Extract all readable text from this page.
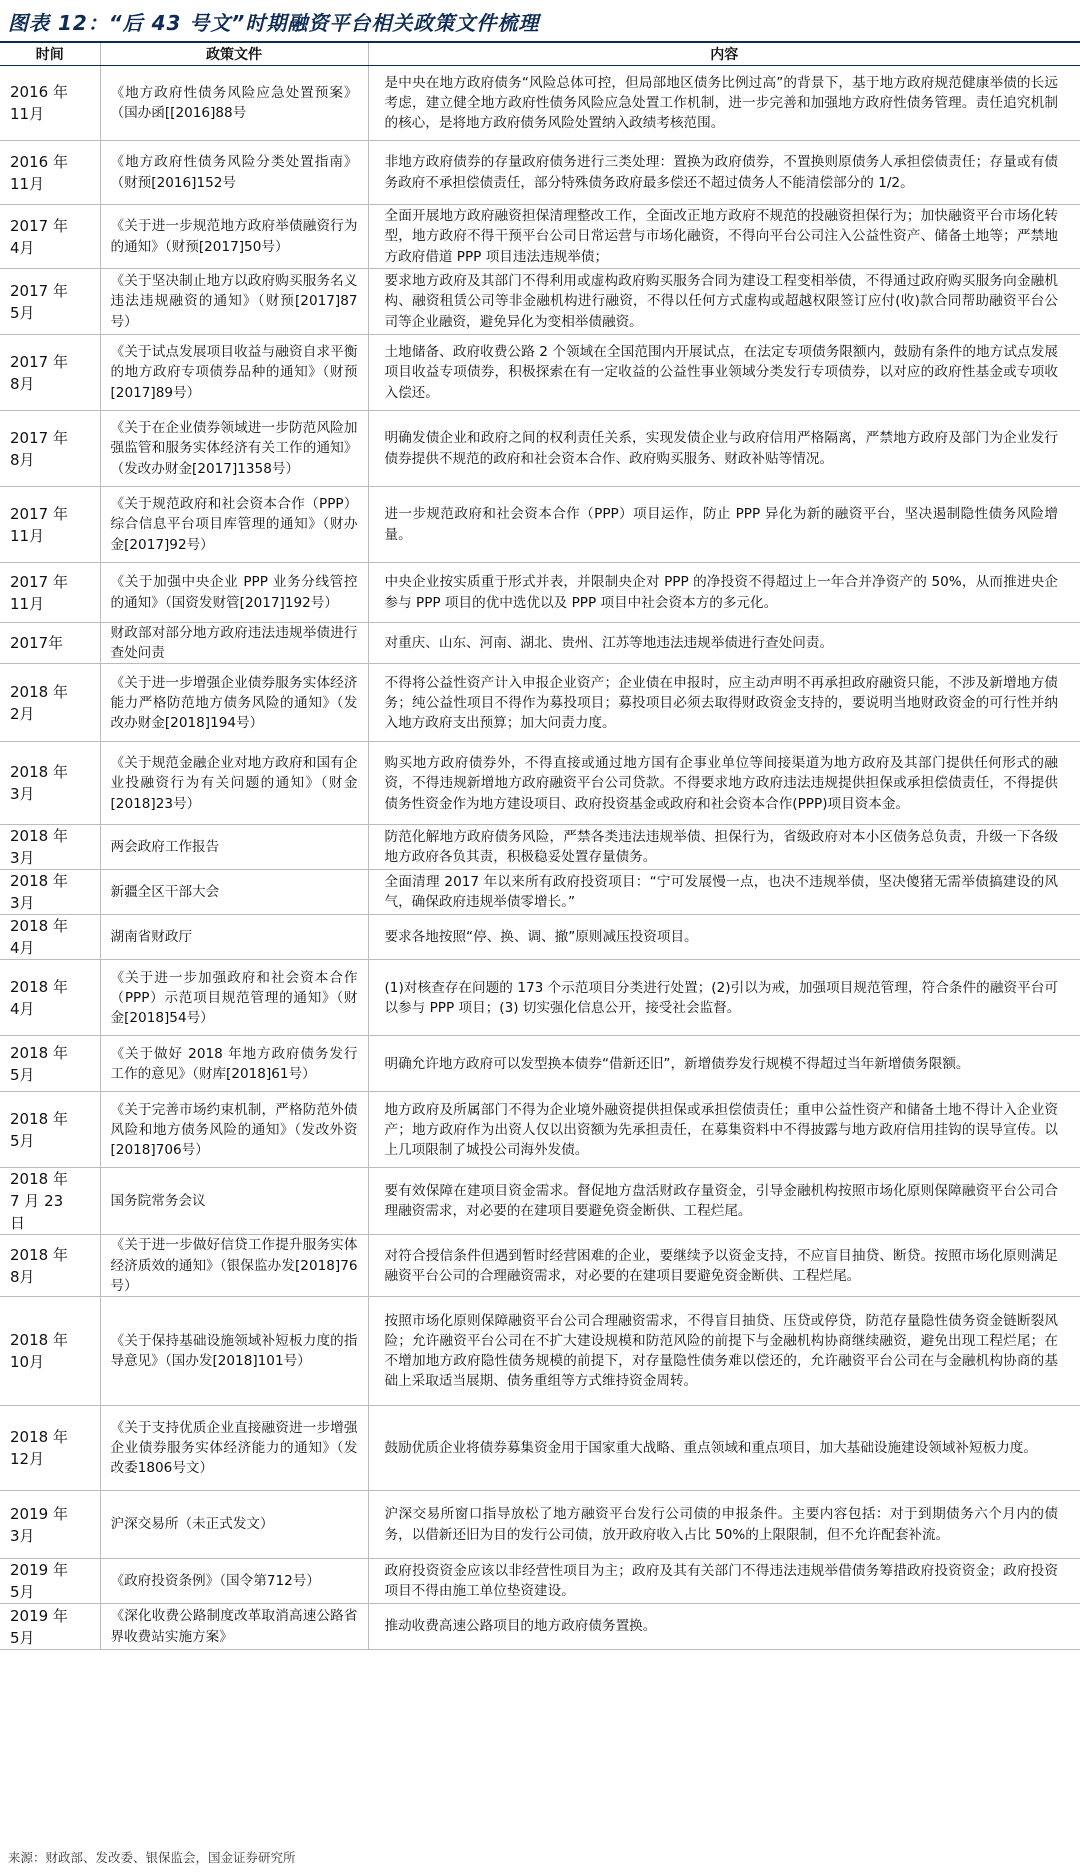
图表 12：“后 43 号文”时期融资平台相关政策文件梳理
时间	政策文件	内容
2016 年
11月	《地方政府性债务风险应急处置预案》（国办函[[2016]88号	是中央在地方政府债务“风险总体可控，但局部地区债务比例过高”的背景下，基于地方政府规范健康举债的长远考虑，建立健全地方政府性债务风险应急处置工作机制，进一步完善和加强地方政府性债务管理。责任追究机制的核心，是将地方政府债务风险处置纳入政绩考核范围。
2016 年
11月	《地方政府性债务风险分类处置指南》（财预[2016]152号	非地方政府债券的存量政府债务进行三类处理：置换为政府债券，不置换则原债务人承担偿债责任；存量或有债务政府不承担偿债责任，部分特殊债务政府最多偿还不超过债务人不能清偿部分的 1/2。
2017 年
4月	《关于进一步规范地方政府举债融资行为的通知》（财预[2017]50号）	全面开展地方政府融资担保清理整改工作，全面改正地方政府不规范的投融资担保行为；加快融资平台市场化转型，地方政府不得干预平台公司日常运营与市场化融资，不得向平台公司注入公益性资产、储备土地等；严禁地方政府借道 PPP 项目违法违规举债；
2017 年
5月	《关于坚决制止地方以政府购买服务名义违法违规融资的通知》（财预[2017]87号）	要求地方政府及其部门不得利用或虚构政府购买服务合同为建设工程变相举债，不得通过政府购买服务向金融机构、融资租赁公司等非金融机构进行融资，不得以任何方式虚构或超越权限签订应付(收)款合同帮助融资平台公司等企业融资，避免异化为变相举债融资。
2017 年
8月	《关于试点发展项目收益与融资自求平衡的地方政府专项债券品种的通知》（财预[2017]89号）	土地储备、政府收费公路 2 个领域在全国范围内开展试点，在法定专项债务限额内，鼓励有条件的地方试点发展项目收益专项债券，积极探索在有一定收益的公益性事业领域分类发行专项债券，以对应的政府性基金或专项收入偿还。
2017 年
8月	《关于在企业债券领域进一步防范风险加强监管和服务实体经济有关工作的通知》（发改办财金[2017]1358号）	明确发债企业和政府之间的权利责任关系，实现发债企业与政府信用严格隔离，严禁地方政府及部门为企业发行债券提供不规范的政府和社会资本合作、政府购买服务、财政补贴等情况。
2017 年
11月	《关于规范政府和社会资本合作（PPP）综合信息平台项目库管理的通知》（财办金[2017]92号）	进一步规范政府和社会资本合作（PPP）项目运作，防止 PPP 异化为新的融资平台，坚决遏制隐性债务风险增量。
2017 年
11月	《关于加强中央企业 PPP 业务分线管控的通知》（国资发财管[2017]192号）	中央企业按实质重于形式并表，并限制央企对 PPP 的净投资不得超过上一年合并净资产的 50%，从而推进央企参与 PPP 项目的优中选优以及 PPP 项目中社会资本方的多元化。
2017年	财政部对部分地方政府违法违规举债进行查处问责	对重庆、山东、河南、湖北、贵州、江苏等地违法违规举债进行查处问责。
2018 年
2月	《关于进一步增强企业债券服务实体经济能力严格防范地方债务风险的通知》（发改办财金[2018]194号）	不得将公益性资产计入申报企业资产；企业债在申报时，应主动声明不再承担政府融资只能，不涉及新增地方债务；纯公益性项目不得作为募投项目；募投项目必须去取得财政资金支持的，要说明当地财政资金的可行性并纳入地方政府支出预算；加大问责力度。
2018 年
3月	《关于规范金融企业对地方政府和国有企业投融资行为有关问题的通知》（财金[2018]23号）	购买地方政府债券外，不得直接或通过地方国有企事业单位等间接渠道为地方政府及其部门提供任何形式的融资，不得违规新增地方政府融资平台公司贷款。不得要求地方政府违法违规提供担保或承担偿债责任，不得提供债务性资金作为地方建设项目、政府投资基金或政府和社会资本合作(PPP)项目资本金。
2018 年
3月	两会政府工作报告	防范化解地方政府债务风险，严禁各类违法违规举债、担保行为，省级政府对本小区债务总负责，升级一下各级地方政府各负其责，积极稳妥处置存量债务。
2018 年
3月	新疆全区干部大会	全面清理 2017 年以来所有政府投资项目：“宁可发展慢一点，也决不违规举债，坚决傻猪无需举债搞建设的风气，确保政府违规举债零增长。”
2018 年
4月	湖南省财政厅	要求各地按照“停、换、调、撤”原则减压投资项目。
2018 年
4月	《关于进一步加强政府和社会资本合作（PPP）示范项目规范管理的通知》（财金[2018]54号）	(1)对核查存在问题的 173 个示范项目分类进行处置；(2)引以为戒，加强项目规范管理，符合条件的融资平台可以参与 PPP 项目；(3) 切实强化信息公开，接受社会监督。
2018 年
5月	《关于做好 2018 年地方政府债务发行工作的意见》（财库[2018]61号）	明确允许地方政府可以发型换本债券“借新还旧”，新增债券发行规模不得超过当年新增债务限额。
2018 年
5月	《关于完善市场约束机制，严格防范外债风险和地方债务风险的通知》（发改外资[2018]706号）	地方政府及所属部门不得为企业境外融资提供担保或承担偿债责任；重申公益性资产和储备土地不得计入企业资产；地方政府作为出资人仅以出资额为先承担责任，在募集资料中不得披露与地方政府信用挂钩的误导宣传。以上几项限制了城投公司海外发债。
2018 年
7 月 23
日	国务院常务会议	要有效保障在建项目资金需求。督促地方盘活财政存量资金，引导金融机构按照市场化原则保障融资平台公司合理融资需求，对必要的在建项目要避免资金断供、工程烂尾。
2018 年
8月	《关于进一步做好信贷工作提升服务实体经济质效的通知》（银保监办发[2018]76号）	对符合授信条件但遇到暂时经营困难的企业，要继续予以资金支持，不应盲目抽贷、断贷。按照市场化原则满足融资平台公司的合理融资需求，对必要的在建项目要避免资金断供、工程烂尾。
2018 年
10月	《关于保持基础设施领域补短板力度的指导意见》（国办发[2018]101号）	按照市场化原则保障融资平台公司合理融资需求，不得盲目抽贷、压贷或停贷，防范存量隐性债务资金链断裂风险；允许融资平台公司在不扩大建设规模和防范风险的前提下与金融机构协商继续融资，避免出现工程烂尾；在不增加地方政府隐性债务规模的前提下，对存量隐性债务难以偿还的，允许融资平台公司在与金融机构协商的基础上采取适当展期、债务重组等方式维持资金周转。
2018 年
12月	《关于支持优质企业直接融资进一步增强企业债券服务实体经济能力的通知》（发改委1806号文）	鼓励优质企业将债券募集资金用于国家重大战略、重点领域和重点项目，加大基础设施建设领域补短板力度。
2019 年
3月	沪深交易所（未正式发文）	沪深交易所窗口指导放松了地方融资平台发行公司债的申报条件。主要内容包括：对于到期债务六个月内的债务，以借新还旧为目的发行公司债，放开政府收入占比 50%的上限限制，但不允许配套补流。
2019 年
5月	《政府投资条例》（国令第712号）	政府投资资金应该以非经营性项目为主；政府及其有关部门不得违法违规举借债务筹措政府投资资金；政府投资项目不得由施工单位垫资建设。
2019 年
5月	《深化收费公路制度改革取消高速公路省界收费站实施方案》	推动收费高速公路项目的地方政府债务置换。
来源：财政部、发改委、银保监会，国金证券研究所
